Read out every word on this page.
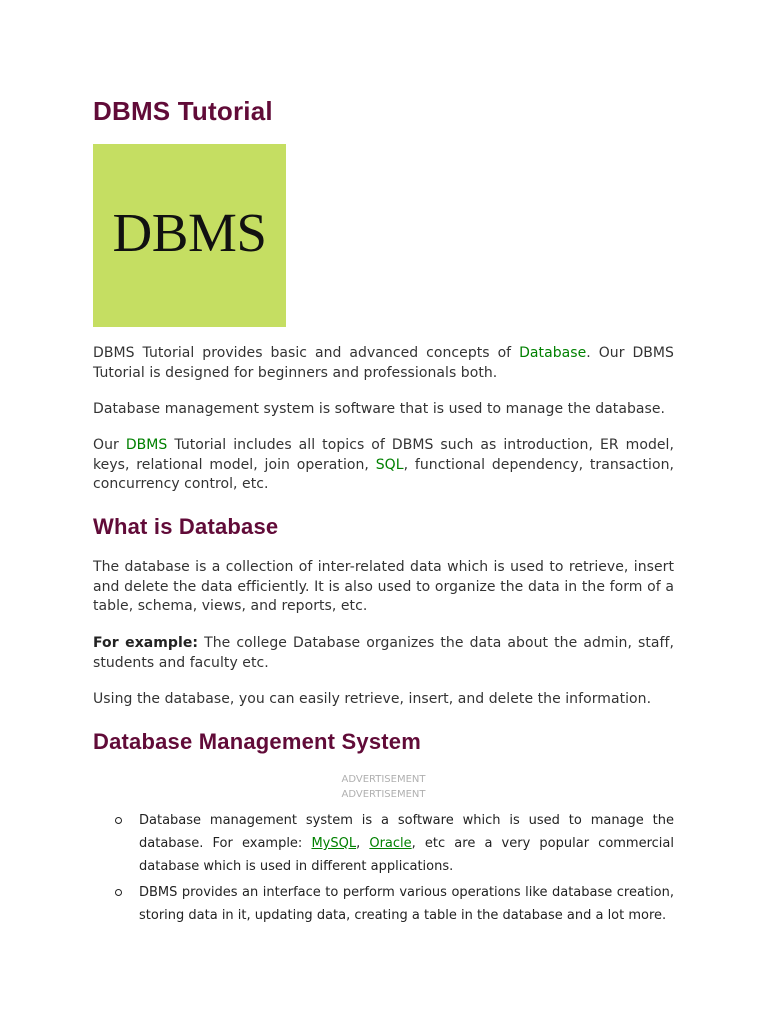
DBMS Tutorial
DBMS

DBMS Tutorial provides basic and advanced concepts of Database. Our DBMS Tutorial is designed for beginners and professionals both.

Database management system is software that is used to manage the database.

Our DBMS Tutorial includes all topics of DBMS such as introduction, ER model, keys, relational model, join operation, SQL, functional dependency, transaction, concurrency control, etc.

What is Database

The database is a collection of inter-related data which is used to retrieve, insert and delete the data efficiently. It is also used to organize the data in the form of a table, schema, views, and reports, etc.

For example: The college Database organizes the data about the admin, staff, students and faculty etc.

Using the database, you can easily retrieve, insert, and delete the information.

Database Management System
ADVERTISEMENT
ADVERTISEMENT
Database management system is a software which is used to manage the database. For example: MySQL, Oracle, etc are a very popular commercial database which is used in different applications.
DBMS provides an interface to perform various operations like database creation, storing data in it, updating data, creating a table in the database and a lot more.
